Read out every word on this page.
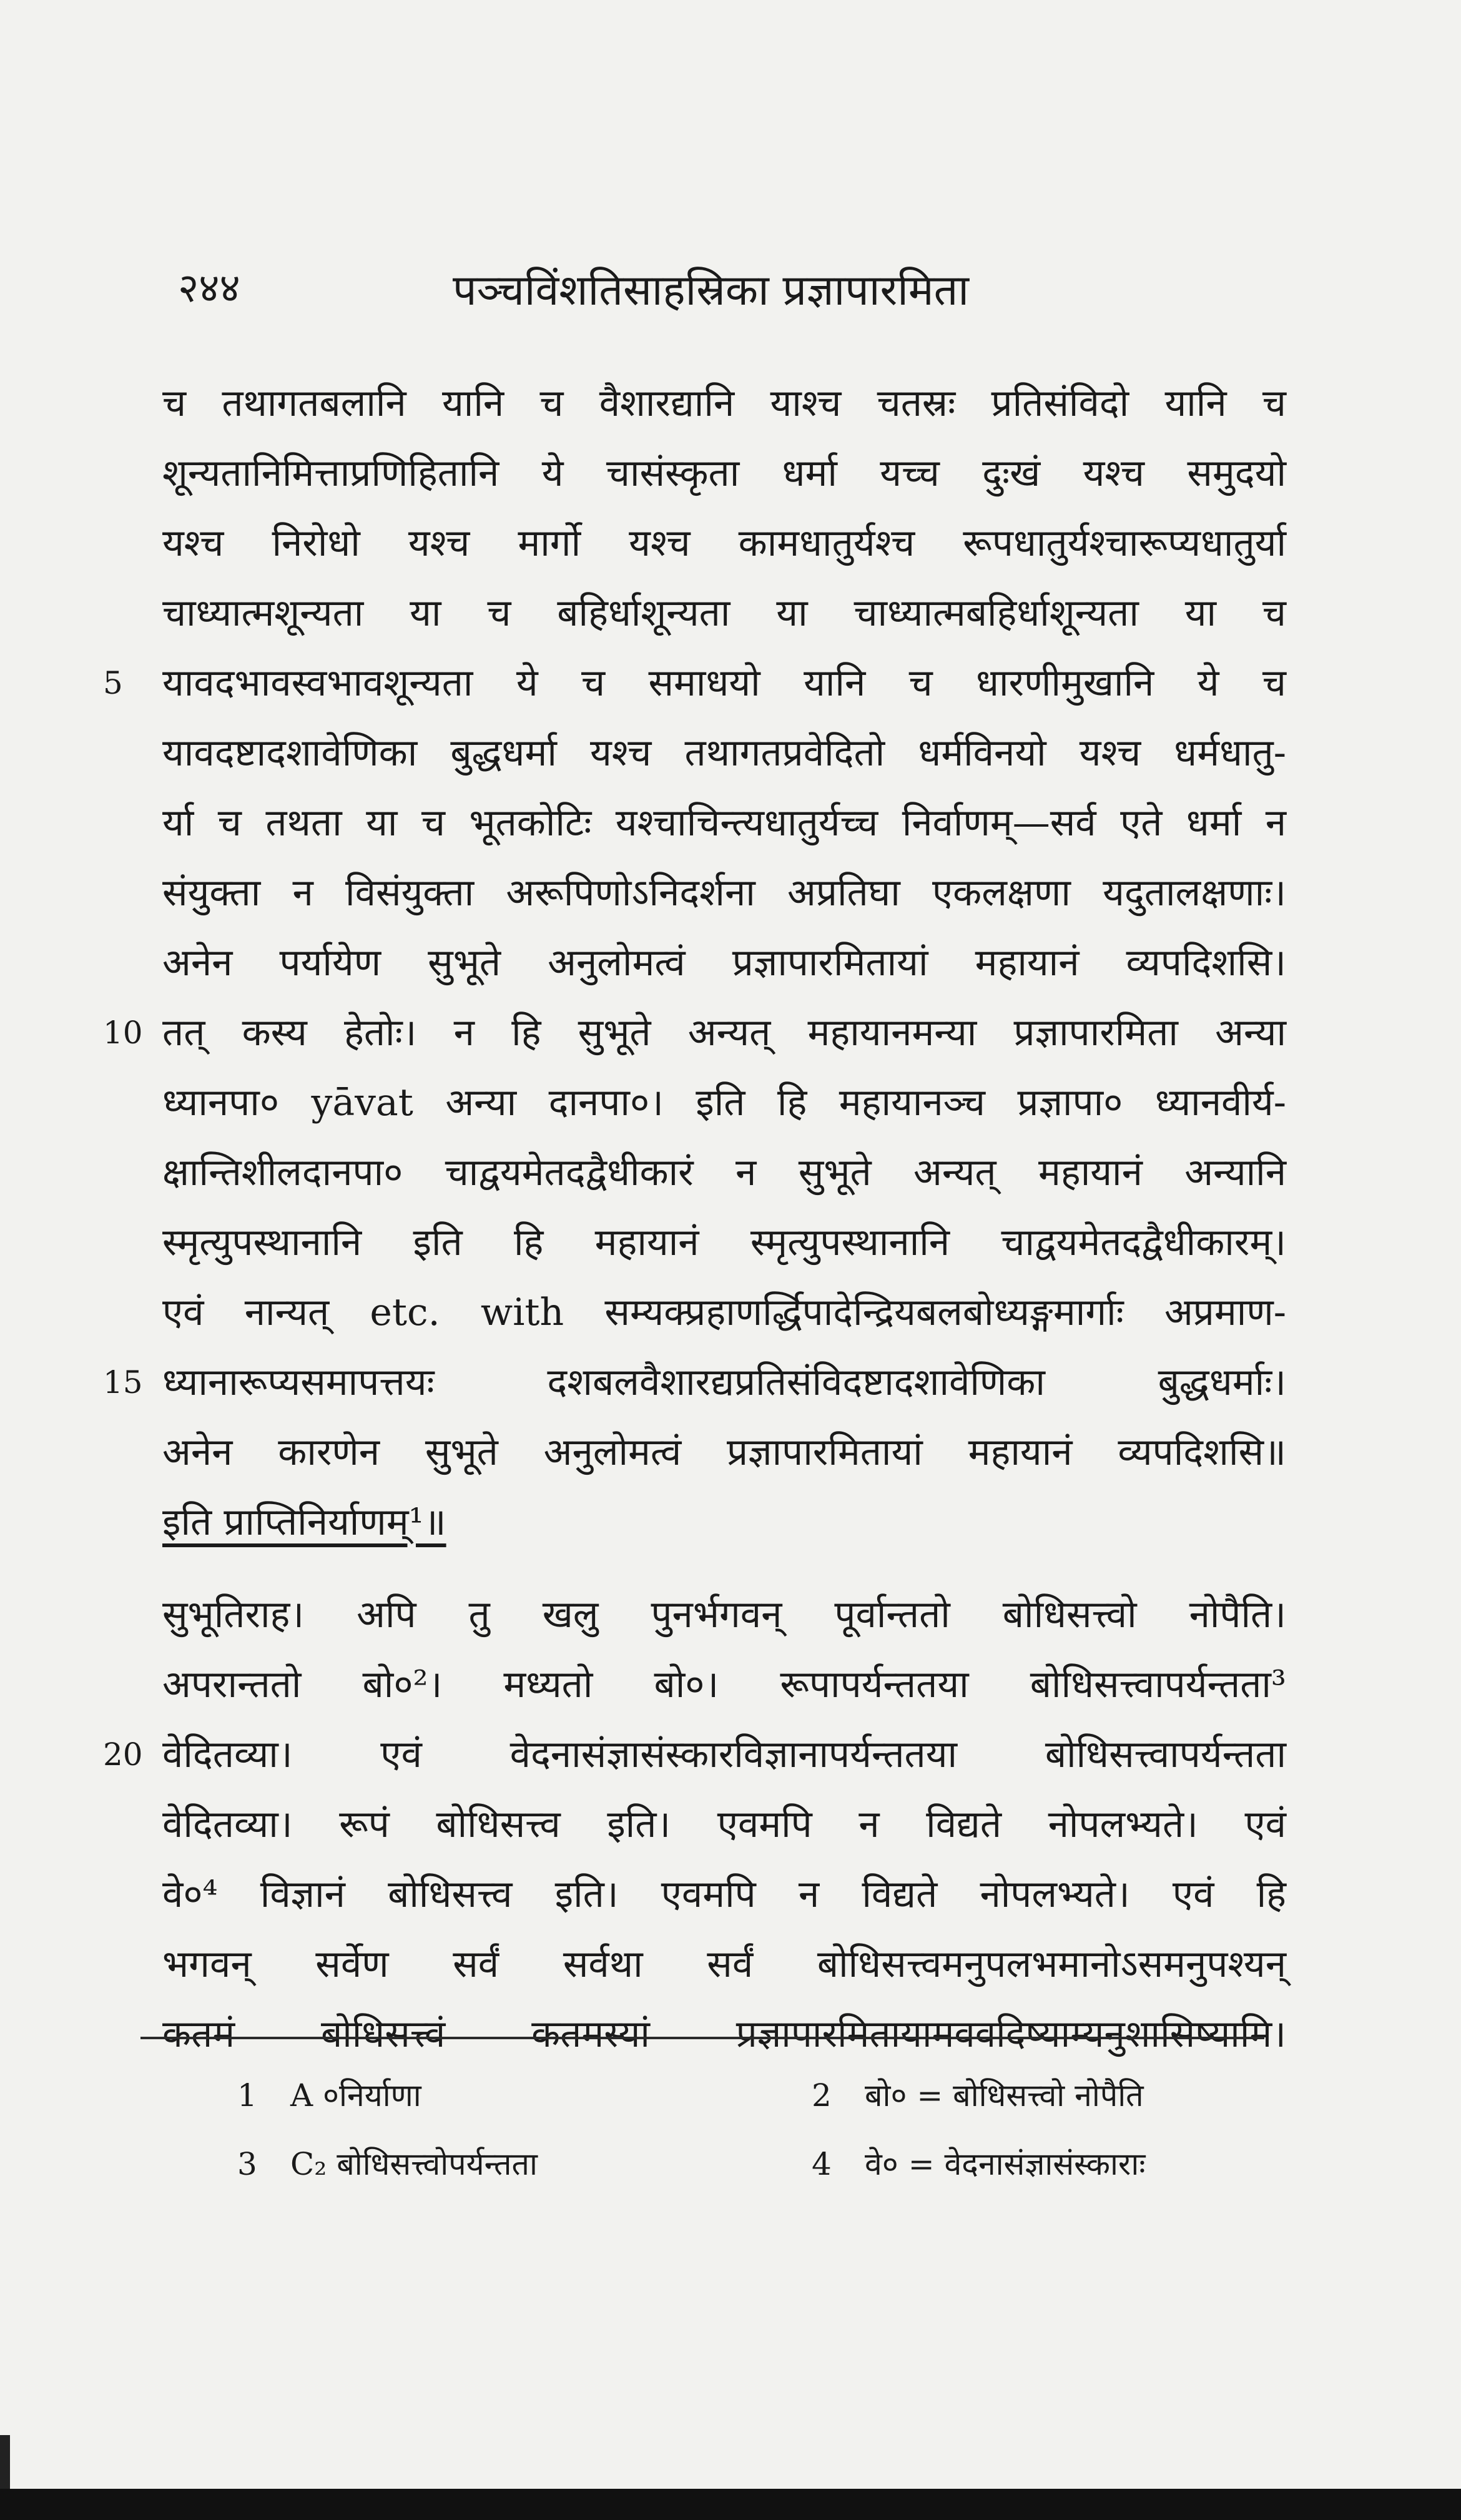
२४४	पञ्चविंशतिसाहस्रिका प्रज्ञापारमिता
च तथागतबलानि यानि च वैशारद्यानि याश्च चतस्रः प्रतिसंविदो यानि च
शून्यतानिमित्ताप्रणिहितानि ये चासंस्कृता धर्मा यच्च दुःखं यश्च समुदयो
यश्च निरोधो यश्च मार्गो यश्च कामधातुर्यश्च रूपधातुर्यश्चारूप्यधातुर्या
चाध्यात्मशून्यता या च बहिर्धाशून्यता या चाध्यात्मबहिर्धाशून्यता या च
5 यावदभावस्वभावशून्यता ये च समाधयो यानि च धारणीमुखानि ये च
यावदष्टादशावेणिका बुद्धधर्मा यश्च तथागतप्रवेदितो धर्मविनयो यश्च धर्मधातु-
र्या च तथता या च भूतकोटिः यश्चाचिन्त्यधातुर्यच्च निर्वाणम्—सर्व एते धर्मा न
संयुक्ता न विसंयुक्ता अरूपिणोऽनिदर्शना अप्रतिघा एकलक्षणा यदुतालक्षणाः।
अनेन पर्यायेण सुभूते अनुलोमत्वं प्रज्ञापारमितायां महायानं व्यपदिशसि।
10 तत् कस्य हेतोः। न हि सुभूते अन्यत् महायानमन्या प्रज्ञापारमिता अन्या
ध्यानपा० yāvat अन्या दानपा०। इति हि महायानञ्च प्रज्ञापा० ध्यानवीर्य-
क्षान्तिशीलदानपा० चाद्वयमेतदद्वैधीकारं न सुभूते अन्यत् महायानं अन्यानि
स्मृत्युपस्थानानि इति हि महायानं स्मृत्युपस्थानानि चाद्वयमेतदद्वैधीकारम्।
एवं नान्यत् etc. with सम्यक्प्रहाणर्द्धिपादेन्द्रियबलबोध्यङ्गमार्गाः अप्रमाण-
15 ध्यानारूप्यसमापत्तयः दशबलवैशारद्यप्रतिसंविदष्टादशावेणिका बुद्धधर्माः।
अनेन कारणेन सुभूते अनुलोमत्वं प्रज्ञापारमितायां महायानं व्यपदिशसि॥
इति प्राप्तिनिर्याणम्¹॥
सुभूतिराह। अपि तु खलु पुनर्भगवन् पूर्वान्ततो बोधिसत्त्वो नोपैति।
अपरान्ततो बो०²। मध्यतो बो०। रूपापर्यन्ततया बोधिसत्त्वापर्यन्तता³
20 वेदितव्या। एवं वेदनासंज्ञासंस्कारविज्ञानापर्यन्ततया बोधिसत्त्वापर्यन्तता
वेदितव्या। रूपं बोधिसत्त्व इति। एवमपि न विद्यते नोपलभ्यते। एवं
वे०⁴ विज्ञानं बोधिसत्त्व इति। एवमपि न विद्यते नोपलभ्यते। एवं हि
भगवन् सर्वेण सर्वं सर्वथा सर्वं बोधिसत्त्वमनुपलभमानोऽसमनुपश्यन्
कतमं बोधिसत्त्वं कतमस्यां प्रज्ञापारमितायामववदिष्याम्यनुशासिष्यामि।
1 A ०निर्याणा	2 बो० = बोधिसत्त्वो नोपैति
3 C₂ बोधिसत्त्वोपर्यन्तता	4 वे० = वेदनासंज्ञासंस्काराः
